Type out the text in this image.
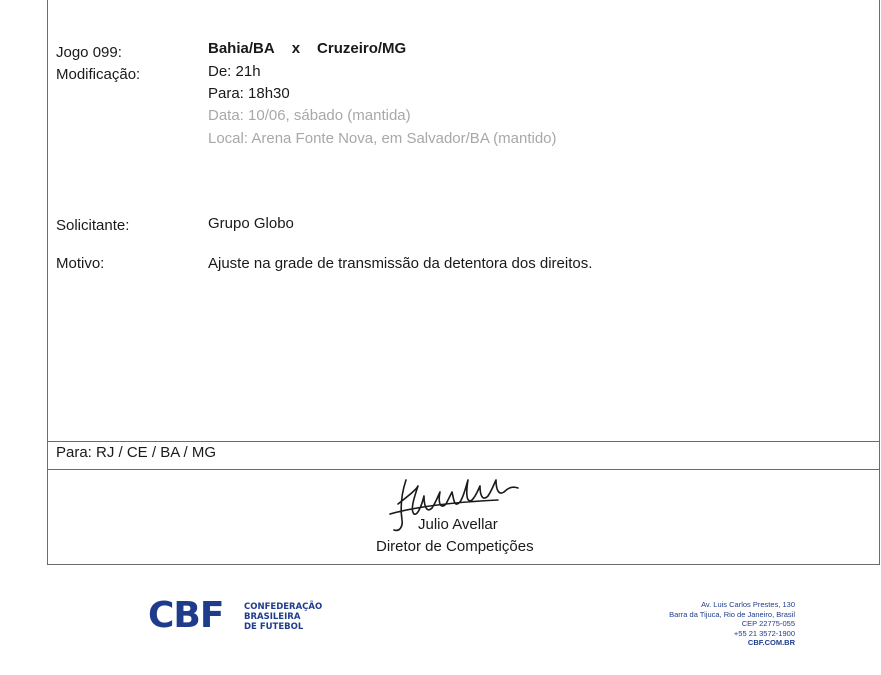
Jogo 099:	Bahia/BA x Cruzeiro/MG
Modificação:	De: 21h
Para: 18h30
Data: 10/06, sábado (mantida)
Local: Arena Fonte Nova, em Salvador/BA (mantido)
Solicitante:	Grupo Globo
Motivo:	Ajuste na grade de transmissão da detentora dos direitos.
Para: RJ / CE / BA / MG
Julio Avellar
Diretor de Competições
CBF CONFEDERAÇÃO
BRASILEIRA
DE FUTEBOL
Av. Luis Carlos Prestes, 130
Barra da Tijuca, Rio de Janeiro, Brasil
CEP 22775-055
+55 21 3572-1900
CBF.COM.BR
